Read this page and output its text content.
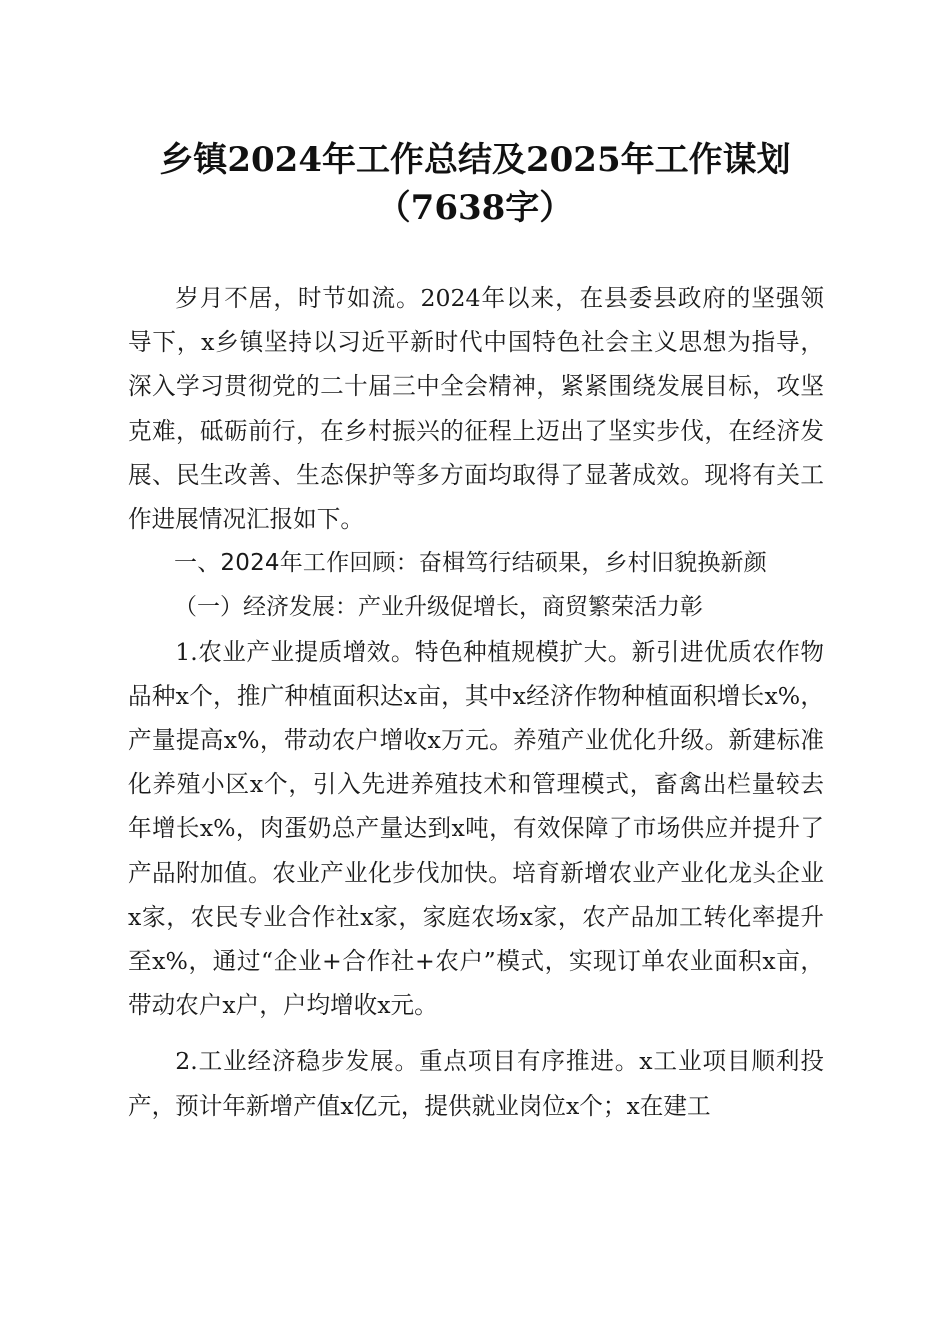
乡镇2024年工作总结及2025年工作谋划
（7638字）

岁月不居，时节如流。2024年以来，在县委县政府的坚强领导下，x乡镇坚持以习近平新时代中国特色社会主义思想为指导，深入学习贯彻党的二十届三中全会精神，紧紧围绕发展目标，攻坚克难，砥砺前行，在乡村振兴的征程上迈出了坚实步伐，在经济发展、民生改善、生态保护等多方面均取得了显著成效。现将有关工作进展情况汇报如下。

一、2024年工作回顾：奋楫笃行结硕果，乡村旧貌换新颜
（一）经济发展：产业升级促增长，商贸繁荣活力彰

1.农业产业提质增效。特色种植规模扩大。新引进优质农作物品种x个，推广种植面积达x亩，其中x经济作物种植面积增长x%，产量提高x%，带动农户增收x万元。养殖产业优化升级。新建标准化养殖小区x个，引入先进养殖技术和管理模式，畜禽出栏量较去年增长x%，肉蛋奶总产量达到x吨，有效保障了市场供应并提升了产品附加值。农业产业化步伐加快。培育新增农业产业化龙头企业x家，农民专业合作社x家，家庭农场x家，农产品加工转化率提升至x%，通过“企业+合作社+农户”模式，实现订单农业面积x亩，带动农户x户，户均增收x元。

2.工业经济稳步发展。重点项目有序推进。x工业项目顺利投产，预计年新增产值x亿元，提供就业岗位x个；x在建工
